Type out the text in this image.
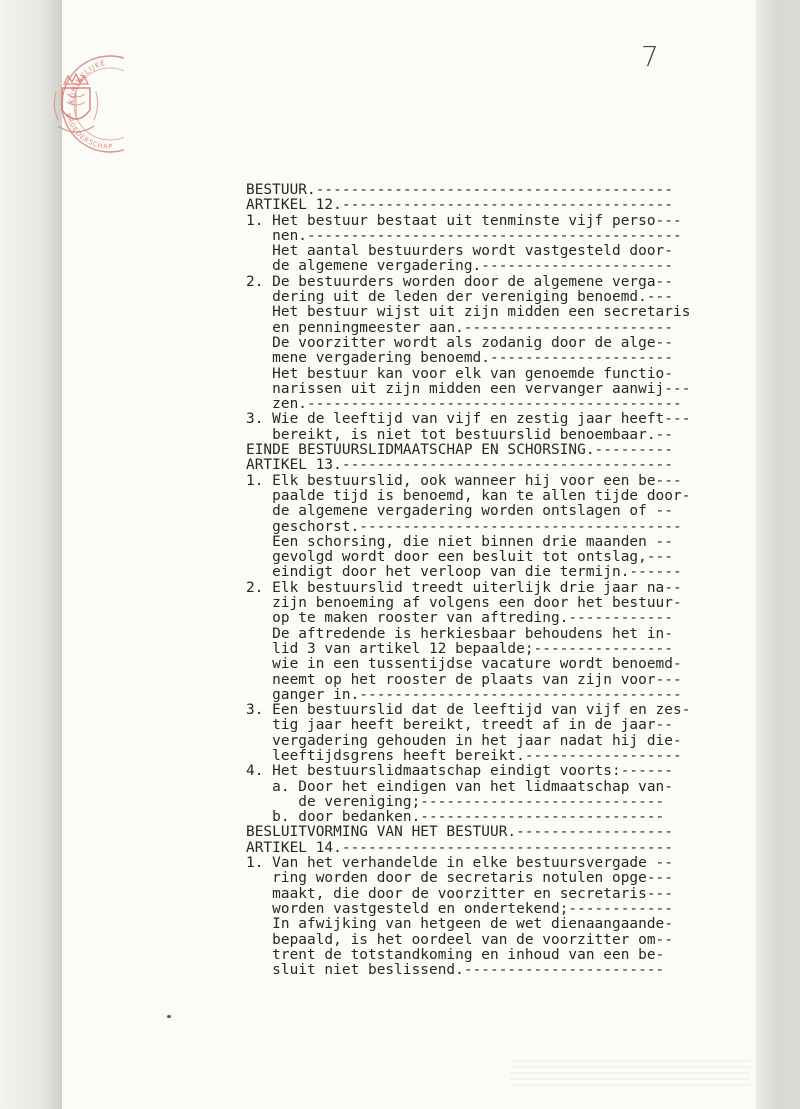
KONINKLIJKE
BROEDERSCHAP
7
BESTUUR.-----------------------------------------
ARTIKEL 12.--------------------------------------
1. Het bestuur bestaat uit tenminste vijf perso---
nen.-------------------------------------------
Het aantal bestuurders wordt vastgesteld door-
de algemene vergadering.----------------------
2. De bestuurders worden door de algemene verga--
dering uit de leden der vereniging benoemd.---
Het bestuur wijst uit zijn midden een secretaris
en penningmeester aan.------------------------
De voorzitter wordt als zodanig door de alge--
mene vergadering benoemd.---------------------
Het bestuur kan voor elk van genoemde functio-
narissen uit zijn midden een vervanger aanwij---
zen.-------------------------------------------
3. Wie de leeftijd van vijf en zestig jaar heeft---
bereikt, is niet tot bestuurslid benoembaar.--
EINDE BESTUURSLIDMAATSCHAP EN SCHORSING.---------
ARTIKEL 13.--------------------------------------
1. Elk bestuurslid, ook wanneer hij voor een be---
paalde tijd is benoemd, kan te allen tijde door-
de algemene vergadering worden ontslagen of --
geschorst.-------------------------------------
Een schorsing, die niet binnen drie maanden --
gevolgd wordt door een besluit tot ontslag,---
eindigt door het verloop van die termijn.------
2. Elk bestuurslid treedt uiterlijk drie jaar na--
zijn benoeming af volgens een door het bestuur-
op te maken rooster van aftreding.------------
De aftredende is herkiesbaar behoudens het in-
lid 3 van artikel 12 bepaalde;----------------
wie in een tussentijdse vacature wordt benoemd-
neemt op het rooster de plaats van zijn voor---
ganger in.-------------------------------------
3. Een bestuurslid dat de leeftijd van vijf en zes-
tig jaar heeft bereikt, treedt af in de jaar--
vergadering gehouden in het jaar nadat hij die-
leeftijdsgrens heeft bereikt.------------------
4. Het bestuurslidmaatschap eindigt voorts:------
a. Door het eindigen van het lidmaatschap van-
de vereniging;----------------------------
b. door bedanken.----------------------------
BESLUITVORMING VAN HET BESTUUR.------------------
ARTIKEL 14.--------------------------------------
1. Van het verhandelde in elke bestuursvergade --
ring worden door de secretaris notulen opge---
maakt, die door de voorzitter en secretaris---
worden vastgesteld en ondertekend;------------
In afwijking van hetgeen de wet dienaangaande-
bepaald, is het oordeel van de voorzitter om--
trent de totstandkoming en inhoud van een be-
sluit niet beslissend.-----------------------
